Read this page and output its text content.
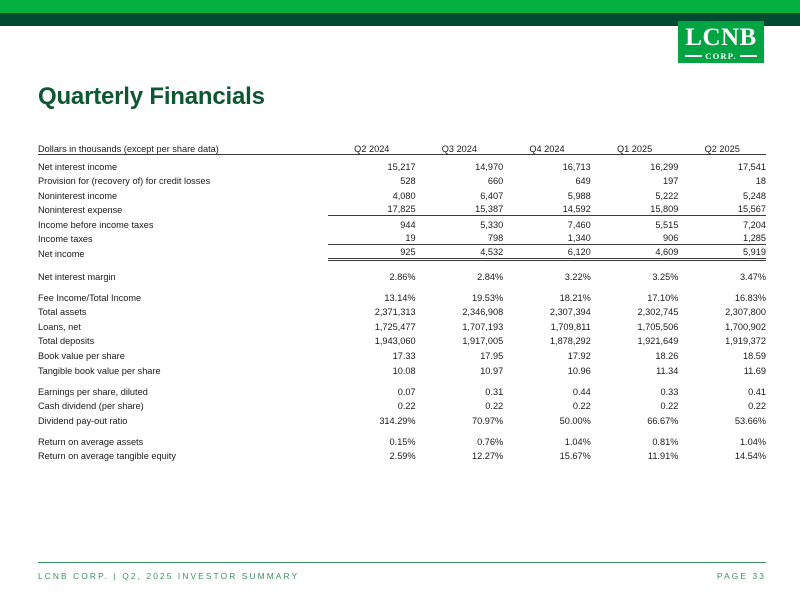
LCNB
CORP.
Quarterly Financials
Dollars in thousands (except per share data)	Q2 2024	Q3 2024	Q4 2024	Q1 2025	Q2 2025
Net interest income	15,217	14,970	16,713	16,299	17,541
Provision for (recovery of) for credit losses	528	660	649	197	18
Noninterest income	4,080	6,407	5,988	5,222	5,248
Noninterest expense	17,825	15,387	14,592	15,809	15,567
Income before income taxes	944	5,330	7,460	5,515	7,204
Income taxes	19	798	1,340	906	1,285
Net income	925	4,532	6,120	4,609	5,919
Net interest margin	2.86%	2.84%	3.22%	3.25%	3.47%
Fee Income/Total Income	13.14%	19.53%	18.21%	17.10%	16.83%
Total assets	2,371,313	2,346,908	2,307,394	2,302,745	2,307,800
Loans, net	1,725,477	1,707,193	1,709,811	1,705,506	1,700,902
Total deposits	1,943,060	1,917,005	1,878,292	1,921,649	1,919,372
Book value per share	17.33	17.95	17.92	18.26	18.59
Tangible book value per share	10.08	10.97	10.96	11.34	11.69
Earnings per share, diluted	0.07	0.31	0.44	0.33	0.41
Cash dividend (per share)	0.22	0.22	0.22	0.22	0.22
Dividend pay-out ratio	314.29%	70.97%	50.00%	66.67%	53.66%
Return on average assets	0.15%	0.76%	1.04%	0.81%	1.04%
Return on average tangible equity	2.59%	12.27%	15.67%	11.91%	14.54%
LCNB CORP. | Q2, 2025 INVESTOR SUMMARY	PAGE 33
